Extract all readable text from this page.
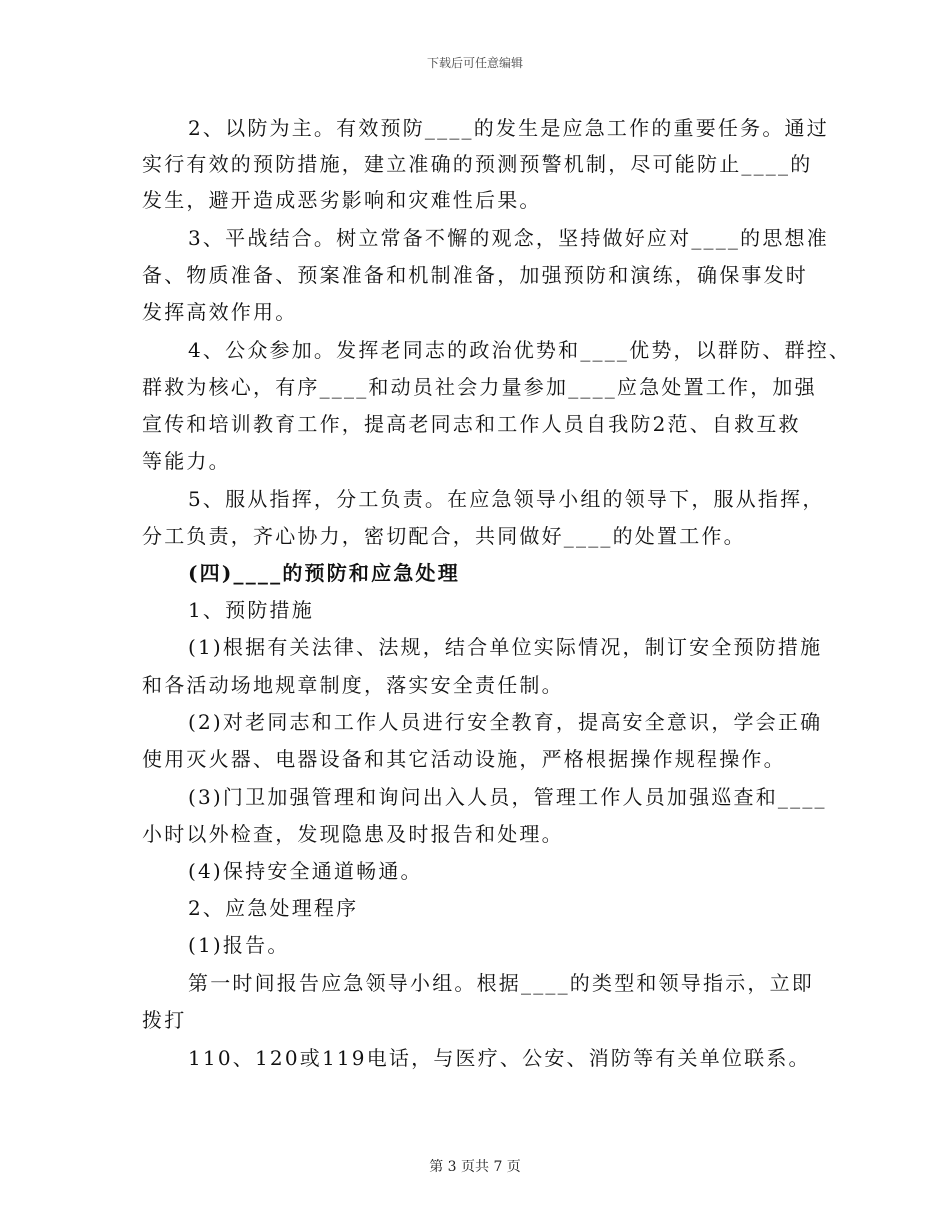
下载后可任意编辑
2、以防为主。有效预防____的发生是应急工作的重要任务。通过
实行有效的预防措施，建立准确的预测预警机制，尽可能防止____的
发生，避开造成恶劣影响和灾难性后果。
3、平战结合。树立常备不懈的观念，坚持做好应对____的思想准
备、物质准备、预案准备和机制准备，加强预防和演练，确保事发时
发挥高效作用。
4、公众参加。发挥老同志的政治优势和____优势，以群防、群控、
群救为核心，有序____和动员社会力量参加____应急处置工作，加强
宣传和培训教育工作，提高老同志和工作人员自我防2范、自救互救
等能力。
5、服从指挥，分工负责。在应急领导小组的领导下，服从指挥，
分工负责，齐心协力，密切配合，共同做好____的处置工作。
(四)____的预防和应急处理
1、预防措施
(1)根据有关法律、法规，结合单位实际情况，制订安全预防措施
和各活动场地规章制度，落实安全责任制。
(2)对老同志和工作人员进行安全教育，提高安全意识，学会正确
使用灭火器、电器设备和其它活动设施，严格根据操作规程操作。
(3)门卫加强管理和询问出入人员，管理工作人员加强巡查和____
小时以外检查，发现隐患及时报告和处理。
(4)保持安全通道畅通。
2、应急处理程序
(1)报告。
第一时间报告应急领导小组。根据____的类型和领导指示，立即
拨打
110、120或119电话，与医疗、公安、消防等有关单位联系。
第 3 页共 7 页
